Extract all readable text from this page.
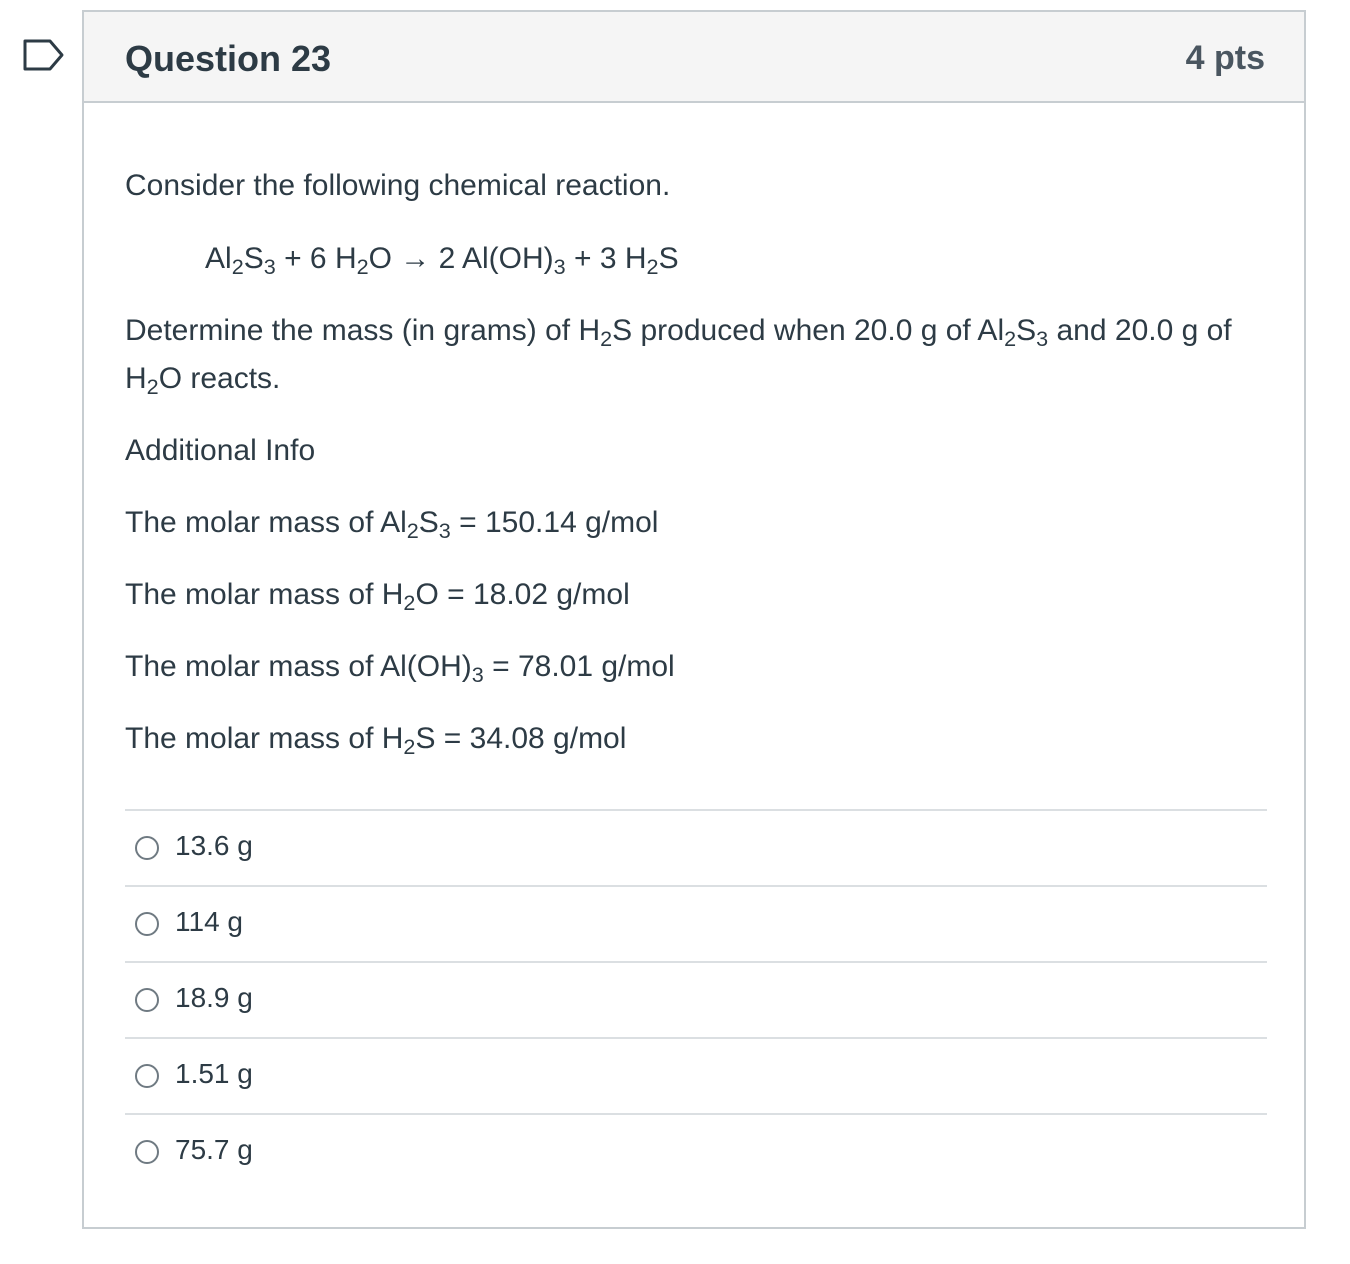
Question 23	4 pts
Consider the following chemical reaction.
$Al_2S_3 + 6$ $H_2O \to 2$ $Al(OH)_3 + 3$ $H_2S$
Determine the mass (in grams) of $H_2S$ produced when 20.0 g of $Al_2S_3$ and 20.0 g of $H_2O$ reacts.
Additional Info
The molar mass of $Al_2S_3 = 150.14$ g/mol
The molar mass of $H_2O = 18.02$ g/mol
The molar mass of $Al(OH)_3 = 78.01$ g/mol
The molar mass of $H_2S = 34.08$ g/mol
13.6 g
114 g
18.9 g
1.51 g
75.7 g
